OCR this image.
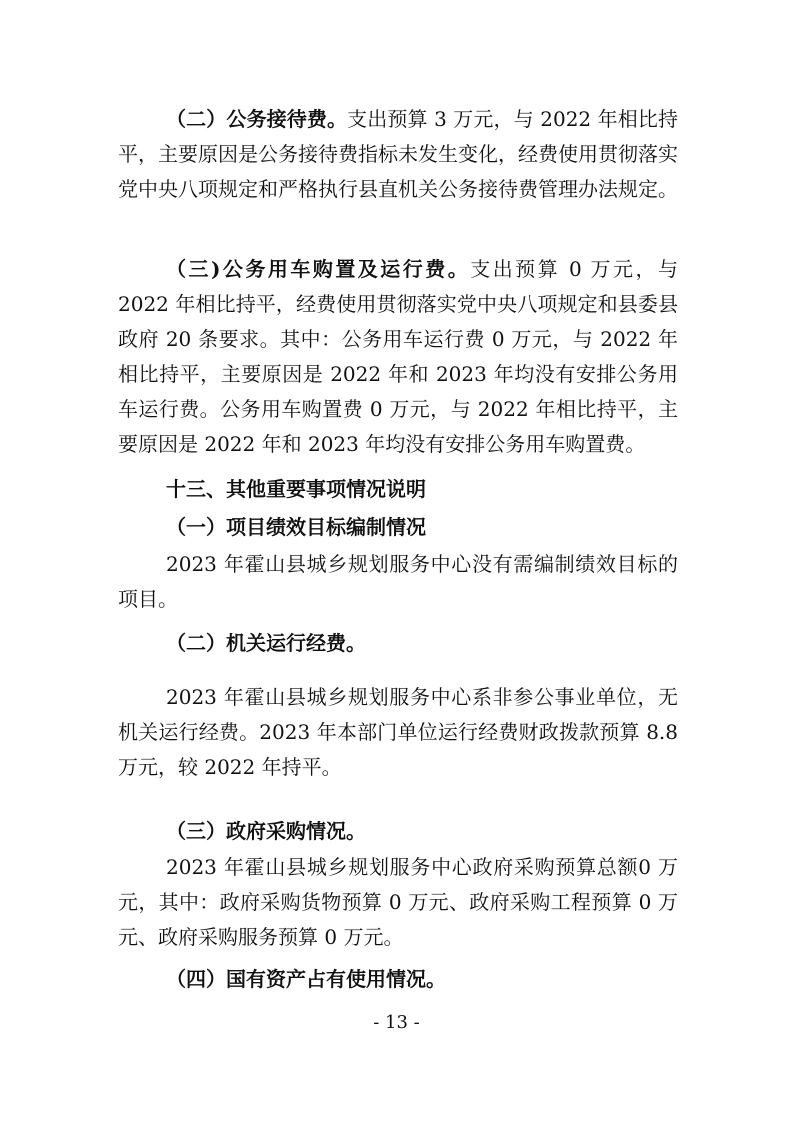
（二）公务接待费。支出预算 3 万元，与 2022 年相比持平，主要原因是公务接待费指标未发生变化，经费使用贯彻落实党中央八项规定和严格执行县直机关公务接待费管理办法规定。

（三)公务用车购置及运行费。支出预算 0 万元，与 2022 年相比持平，经费使用贯彻落实党中央八项规定和县委县政府 20 条要求。其中：公务用车运行费 0 万元，与 2022 年相比持平，主要原因是 2022 年和 2023 年均没有安排公务用车运行费。公务用车购置费 0 万元，与 2022 年相比持平，主要原因是 2022 年和 2023 年均没有安排公务用车购置费。

十三、其他重要事项情况说明

（一）项目绩效目标编制情况

2023 年霍山县城乡规划服务中心没有需编制绩效目标的项目。

（二）机关运行经费。

2023 年霍山县城乡规划服务中心系非参公事业单位，无机关运行经费。2023 年本部门单位运行经费财政拨款预算 8.8 万元，较 2022 年持平。

（三）政府采购情况。

2023 年霍山县城乡规划服务中心政府采购预算总额0 万元，其中：政府采购货物预算 0 万元、政府采购工程预算 0 万元、政府采购服务预算 0 万元。

（四）国有资产占有使用情况。

- 13 -
